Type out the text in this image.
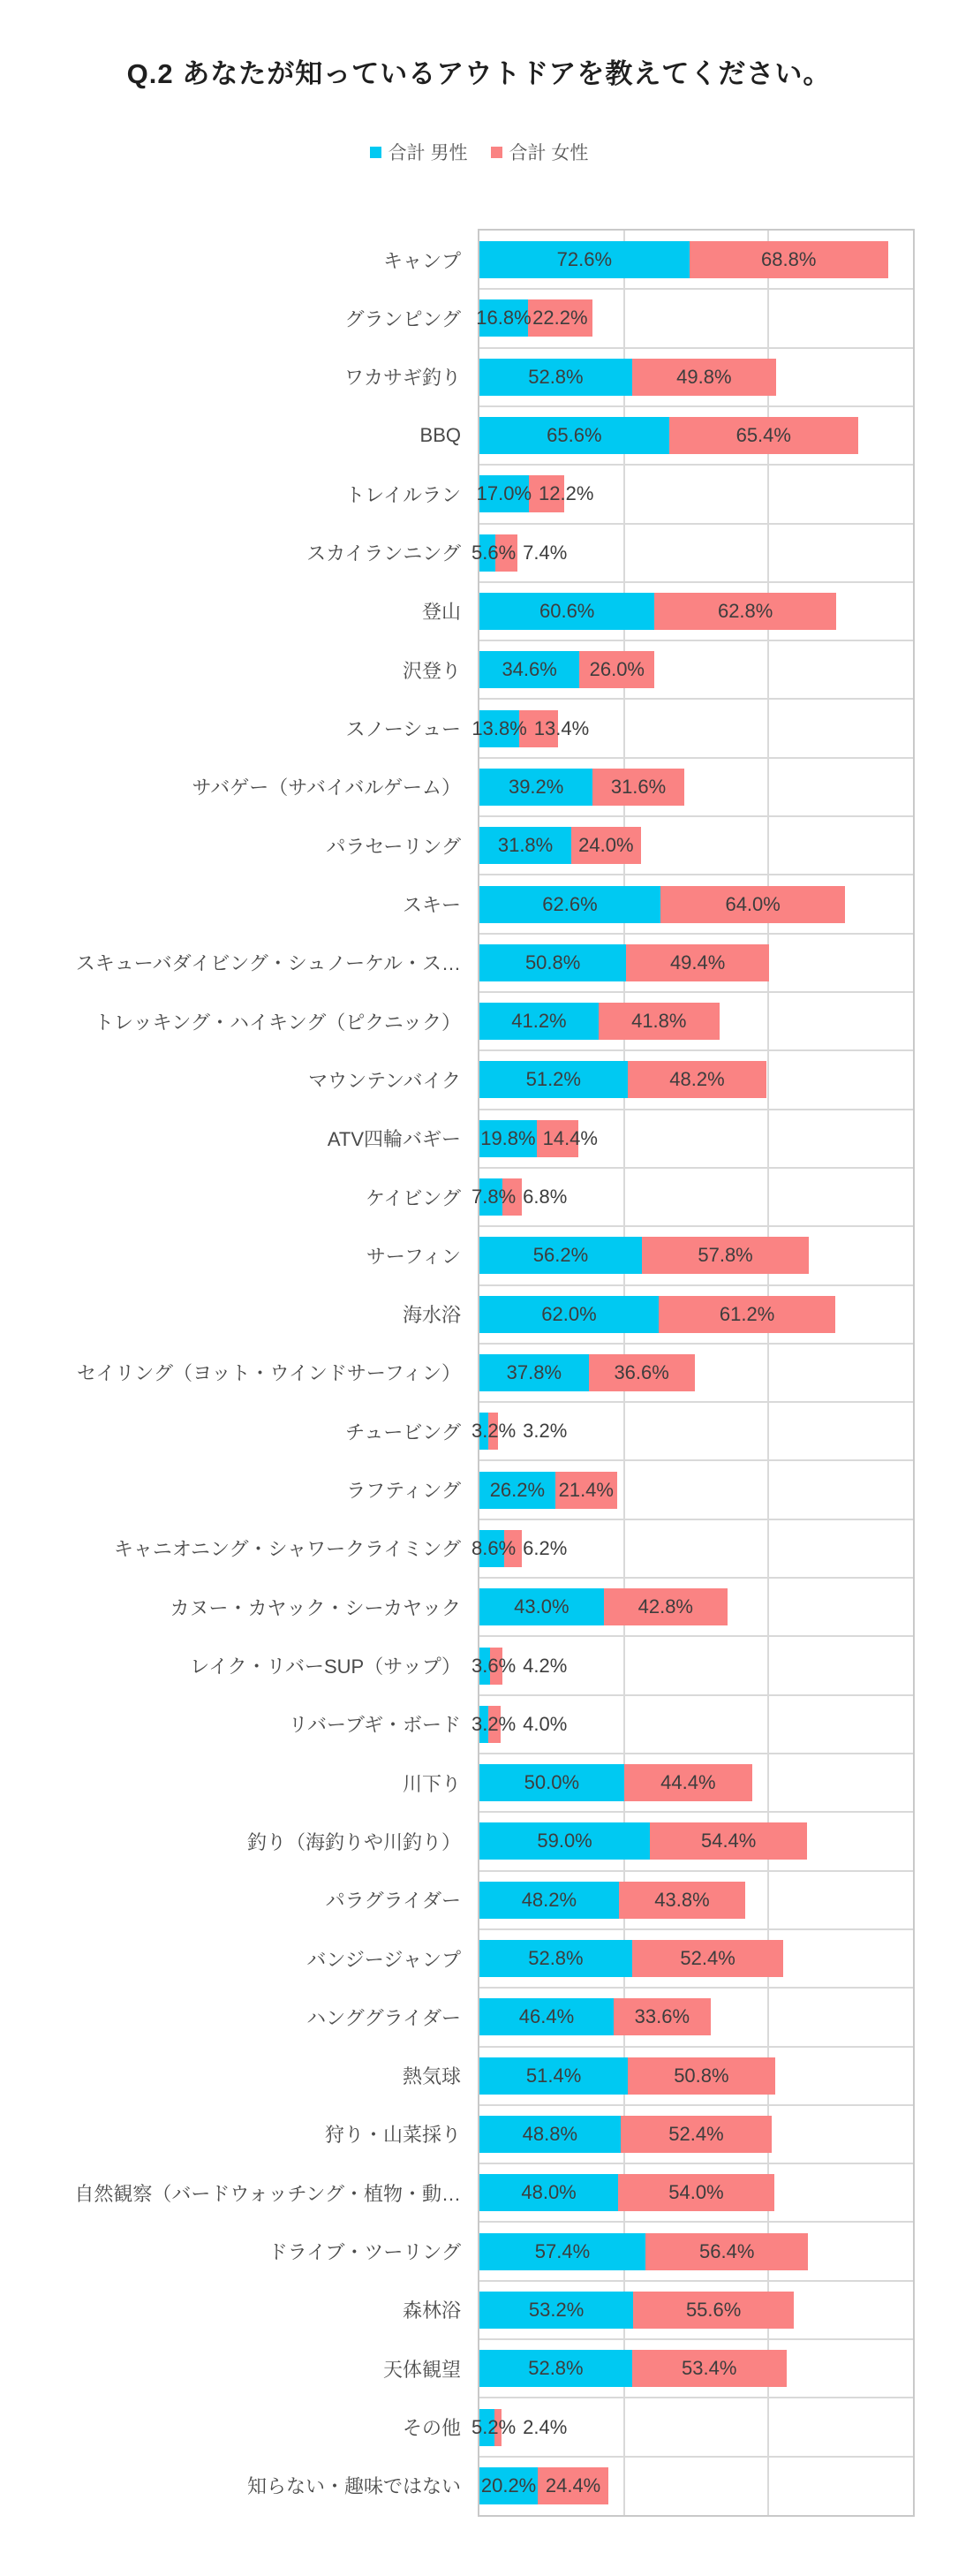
Q.2 あなたが知っているアウトドアを教えてください。
合計 男性 合計 女性
キャンプ	72.6%	68.8%
グランピング 16.8% 22.2%
ワカサギ釣り	52.8%	49.8%
BBQ	65.6%	65.4%
トレイルラン 17.0% 12.2%
スカイランニング 5.6% 7.4%
登山	60.6%	62.8%
沢登り 34.6% 26.0%
スノーシュー 13.8% 13.4%
サバゲー（サバイバルゲーム） 39.2% 31.6%
パラセーリング 31.8% 24.0%
スキー	62.6%	64.0%
スキューバダイビング・シュノーケル・ス…	50.8%	49.4%
トレッキング・ハイキング（ピクニック）	41.2%	41.8%
マウンテンバイク	51.2%	48.2%
ATV四輪バギー 19.8% 14.4%
ケイビング 7.8% 6.8%
サーフィン	56.2%	57.8%
海水浴	62.0%	61.2%
セイリング（ヨット・ウインドサーフィン） 37.8%	36.6%
チュービング 3.2% 3.2%
ラフティング 26.2% 21.4%
キャニオニング・シャワークライミング 8.6% 6.2%
カヌー・カヤック・シーカヤック	43.0%	42.8%
レイク・リバーSUP（サップ） 3.6% 4.2%
リバーブギ・ボード 3.2% 4.0%
川下り	50.0%	44.4%
釣り（海釣りや川釣り）	59.0%	54.4%
パラグライダー	48.2%	43.8%
バンジージャンプ	52.8%	52.4%
ハンググライダー	46.4%	33.6%
熱気球	51.4%	50.8%
狩り・山菜採り	48.8%	52.4%
自然観察（バードウォッチング・植物・動…	48.0%	54.0%
ドライブ・ツーリング	57.4%	56.4%
森林浴	53.2%	55.6%
天体観望	52.8%	53.4%
その他 5.2% 2.4%
知らない・趣味ではない 20.2% 24.4%
